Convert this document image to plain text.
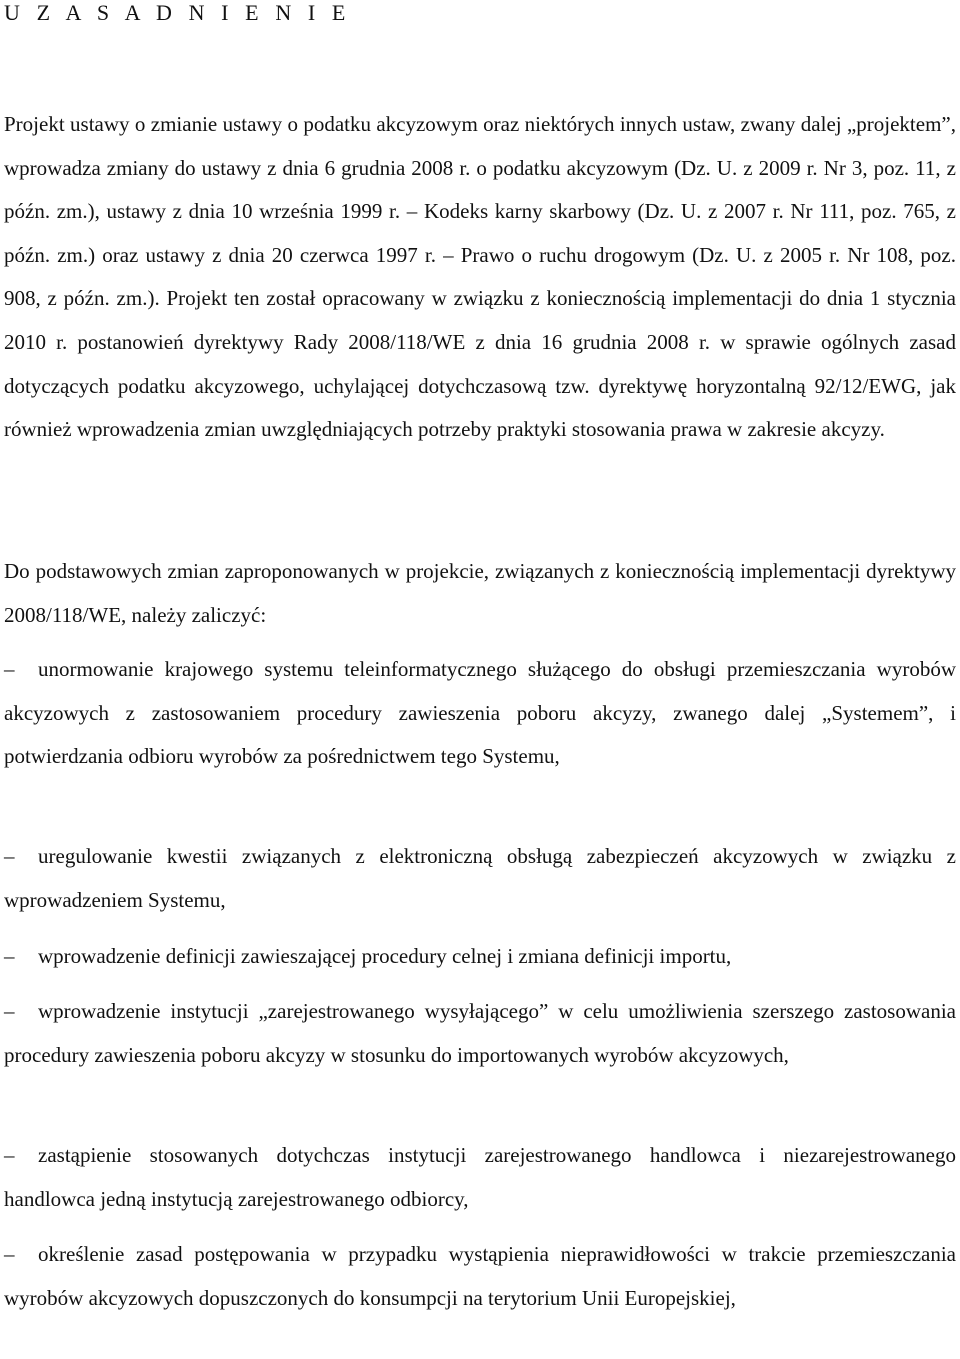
U Z A S A D N I E N I E

Projekt ustawy o zmianie ustawy o podatku akcyzowym oraz niektórych innych ustaw, zwany dalej „projektem”, wprowadza zmiany do ustawy z dnia 6 grudnia 2008 r. o podatku akcyzowym (Dz. U. z 2009 r. Nr 3, poz. 11, z późn. zm.), ustawy z dnia 10 września 1999 r. – Kodeks karny skarbowy (Dz. U. z 2007 r. Nr 111, poz. 765, z późn. zm.) oraz ustawy z dnia 20 czerwca 1997 r. – Prawo o ruchu drogowym (Dz. U. z 2005 r. Nr 108, poz. 908, z późn. zm.). Projekt ten został opracowany w związku z koniecznością implementacji do dnia 1 stycznia 2010 r. postanowień dyrektywy Rady 2008/118/WE z dnia 16 grudnia 2008 r. w sprawie ogólnych zasad dotyczących podatku akcyzowego, uchylającej dotychczasową tzw. dyrektywę horyzontalną 92/12/EWG, jak również wprowadzenia zmian uwzględniających potrzeby praktyki stosowania prawa w zakresie akcyzy.

Do podstawowych zmian zaproponowanych w projekcie, związanych z koniecznością implementacji dyrektywy 2008/118/WE, należy zaliczyć:

– unormowanie krajowego systemu teleinformatycznego służącego do obsługi przemieszczania wyrobów akcyzowych z zastosowaniem procedury zawieszenia poboru akcyzy, zwanego dalej „Systemem”, i potwierdzania odbioru wyrobów za pośrednictwem tego Systemu,

– uregulowanie kwestii związanych z elektroniczną obsługą zabezpieczeń akcyzowych w związku z wprowadzeniem Systemu,

– wprowadzenie definicji zawieszającej procedury celnej i zmiana definicji importu,

– wprowadzenie instytucji „zarejestrowanego wysyłającego” w celu umożliwienia szerszego zastosowania procedury zawieszenia poboru akcyzy w stosunku do importowanych wyrobów akcyzowych,

– zastąpienie stosowanych dotychczas instytucji zarejestrowanego handlowca i niezarejestrowanego handlowca jedną instytucją zarejestrowanego odbiorcy,

– określenie zasad postępowania w przypadku wystąpienia nieprawidłowości w trakcie przemieszczania wyrobów akcyzowych dopuszczonych do konsumpcji na terytorium Unii Europejskiej,
